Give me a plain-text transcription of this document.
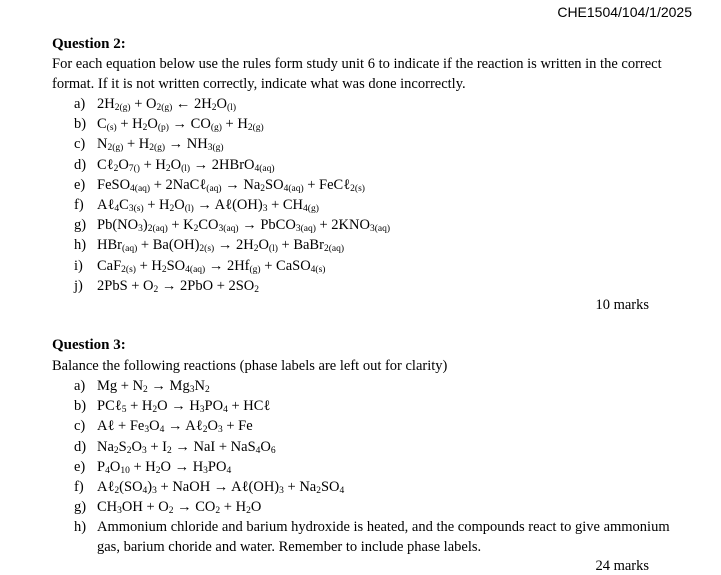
CHE1504/104/1/2025
Question 2:
For each equation below use the rules form study unit 6 to indicate if the reaction is written in the correct format. If it is not written correctly, indicate what was done incorrectly.
a) $2H_{2(g)} + O_{2(g)}$ ← $2H_2O_{(l)}$
b) $C_{(s)} + H_2O_{(p)} \to CO_{(g)} + H_{2(g)}$
c) $N_{2(g)} + H_{2(g)} \to NH_{3(g)}$
d) $C\ell_2O_{7()} + H_2O_{(l)}$ → 2HBrO$_{4(aq)}$
e) FeSO$_{4(aq)}$ + 2NaCℓ$_{(aq)}$ → $Na_2SO_{4(aq)}$ + FeCℓ$_{2(s)}$
f) $A\ell_4C_{3(s)} + H_2O_{(l)}$ → $A\ell(OH)_3 + CH_{4(g)}$
g) $Pb(NO_3)_{2(aq)} + K_2CO_{3(aq)}$ → PbCO$_{3(aq)}$ + $2KNO_{3(aq)}$
h) $HBr_{(aq)} + Ba(OH)_{2(s)} \to 2H_2O_{(l)}$ + BaBr$_{2(aq)}$
i) $CaF_{2(s)} + H_2SO_{4(aq)} \to 2Hf_{(g)}$ + CaSO$_{4(s)}$
j) $2PbS + O_2 \to 2PbO + 2SO_2$
10 marks
Question 3:
Balance the following reactions (phase labels are left out for clarity)
a) $Mg + N_2 \to Mg_3N_2$
b) PCℓ$_5$ + $H_2O \to H_3PO_4$ + HCℓ
c) Aℓ + $Fe_3O_4$ → $A\ell_2O_3 + Fe$
d) $Na_2S_2O_3 + I_2$ → NaI + $NaS_4O_6$
e) $P_4O_{10} + H_2O \to H_3PO_4$
f) $A\ell_2(SO_4)_3$ + NaOH → $A\ell(OH)_3 + Na_2SO_4$
g) $CH_3OH + O_2 \to CO_2 + H_2O$
h) Ammonium chloride and barium hydroxide is heated, and the compounds react to give ammonium gas, barium choride and water. Remember to include phase labels.
24 marks
